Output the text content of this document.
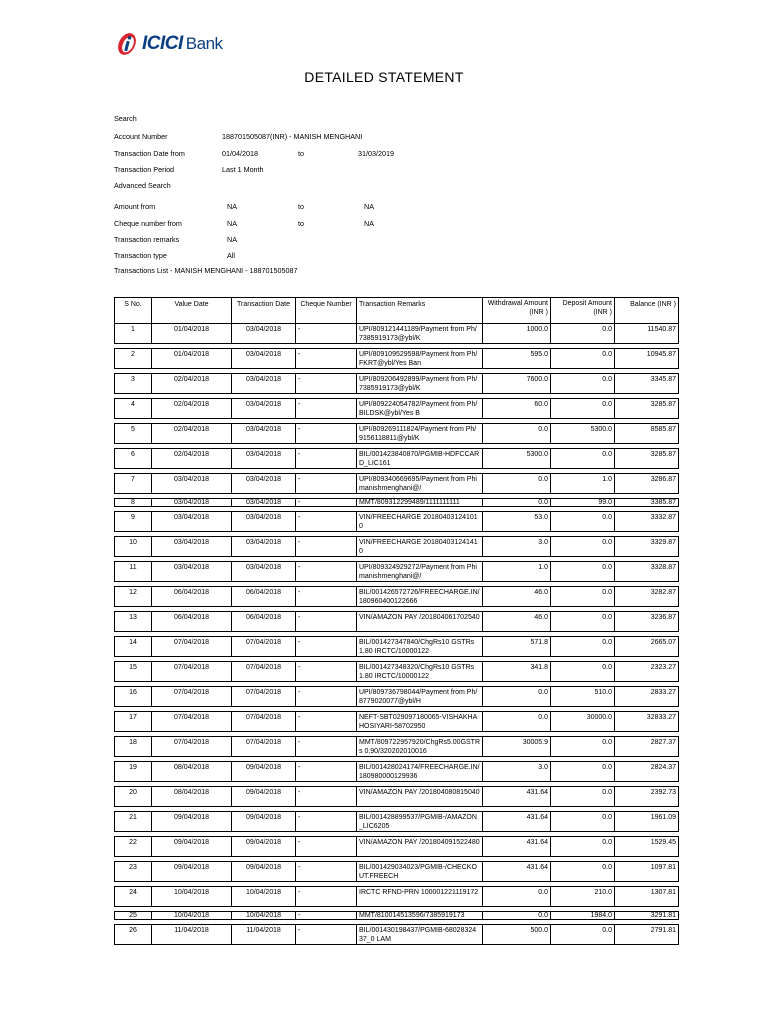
ICICI Bank
DETAILED STATEMENT
Search
Account Number	188701505087(INR) - MANISH MENGHANI
Transaction Date from	01/04/2018	to	31/03/2019
Transaction Period	Last 1 Month
Advanced Search
Amount from	NA	to	NA
Cheque number from	NA	to	NA
Transaction remarks	NA
Transaction type	All
Transactions List - MANISH MENGHANI - 188701505087
S No.	Value Date	Transaction Date	Cheque Number	Transaction Remarks	Withdrawal Amount (INR )	Deposit Amount (INR )	Balance (INR )
1	01/04/2018	03/04/2018	-	UPI/809121441189/Payment from Ph/7385919173@ybl/K	1000.0	0.0	11540.87

2	01/04/2018	03/04/2018	-	UPI/809109529598/Payment from Ph/FKRT@ybl/Yes Ban	595.0	0.0	10945.87

3	02/04/2018	03/04/2018	-	UPI/809206492899/Payment from Ph/7385919173@ybl/K	7600.0	0.0	3345.87

4	02/04/2018	03/04/2018	-	UPI/809224054782/Payment from Ph/BILDSK@ybl/Yes B	60.0	0.0	3285.87

5	02/04/2018	03/04/2018	-	UPI/809269111824/Payment from Ph/9156118811@ybl/K	0.0	5300.0	8585.87

6	02/04/2018	03/04/2018	-	BIL/001423840870/PGMIB-HDFCCARD_LIC161	5300.0	0.0	3285.87

7	03/04/2018	03/04/2018	-	UPI/809340669695/Payment from Phimanishmenghani@/	0.0	1.0	3286.87

8	03/04/2018	03/04/2018	-	MMT/809312299489/1111111111	0.0	99.0	3385.87

9	03/04/2018	03/04/2018	-	VIN/FREECHARGE 201804031241010	53.0	0.0	3332.87

10	03/04/2018	03/04/2018	-	VIN/FREECHARGE 201804031241410	3.0	0.0	3329.87

11	03/04/2018	03/04/2018	-	UPI/809324929272/Payment from Phimanishmenghani@/	1.0	0.0	3328.87

12	06/04/2018	06/04/2018	-	BIL/001426572726/FREECHARGE.IN/ 180960400122666	46.0	0.0	3282.87

13	06/04/2018	06/04/2018	-	VIN/AMAZON PAY /201804061702540	46.0	0.0	3236.87

14	07/04/2018	07/04/2018	-	BIL/001427347840/ChgRs10 GSTRs1.80 IRCTC/10000122	571.8	0.0	2665.07

15	07/04/2018	07/04/2018	-	BIL/001427348320/ChgRs10 GSTRs1.80 IRCTC/10000122	341.8	0.0	2323.27

16	07/04/2018	07/04/2018	-	UPI/809736798044/Payment from Ph/8779020077@ybl/H	0.0	510.0	2833.27

17	07/04/2018	07/04/2018	-	NEFT-SBT029097180065-VISHAKHA HOSIYARI-58702950	0.0	30000.0	32833.27

18	07/04/2018	07/04/2018	-	MMT/809722957920/ChgRs5.00GSTRs 0.90/320202010016	30005.9	0.0	2827.37

19	08/04/2018	09/04/2018	-	BIL/001428024174/FREECHARGE.IN/ 180980000129936	3.0	0.0	2824.37

20	08/04/2018	09/04/2018	-	VIN/AMAZON PAY /201804080815040	431.64	0.0	2392.73

21	09/04/2018	09/04/2018	-	BIL/001428899537/PGMIB-/AMAZON_LIC6205	431.64	0.0	1961.09

22	09/04/2018	09/04/2018	-	VIN/AMAZON PAY /201804091522480	431.64	0.0	1529.45

23	09/04/2018	09/04/2018	-	BIL/001429034023/PGMIB-/CHECKOUT.FREECH	431.64	0.0	1097.81

24	10/04/2018	10/04/2018	-	IRCTC RFND-PRN 100001221119172	0.0	210.0	1307.81

25	10/04/2018	10/04/2018	-	MMT/810014513596/7385919173	0.0	1984.0	3291.81

26	11/04/2018	11/04/2018	-	BIL/001430198437/PGMIB-6802832437_0 LAM	500.0	0.0	2791.81
